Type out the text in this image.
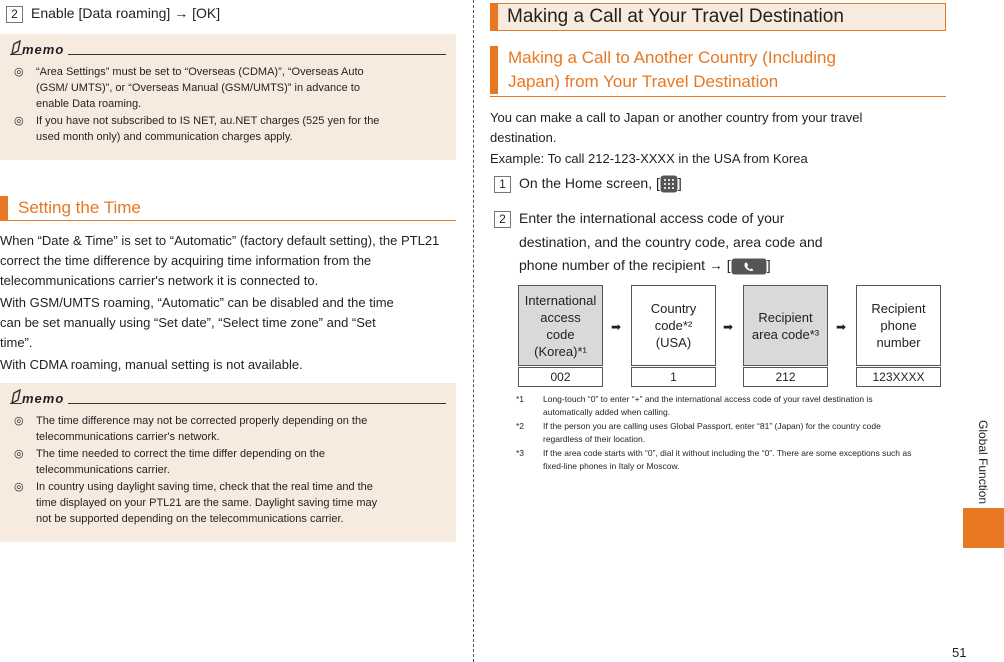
2 Enable [Data roaming] → [OK]
memo
◎ “Area Settings” must be set to “Overseas (CDMA)”, “Overseas Auto (GSM/ UMTS)”, or “Overseas Manual (GSM/UMTS)” in advance to enable Data roaming.
◎ If you have not subscribed to IS NET, au.NET charges (525 yen for the used month only) and communication charges apply.
Setting the Time
When “Date & Time” is set to “Automatic” (factory default setting), the PTL21 correct the time difference by acquiring time information from the telecommunications carrier's network it is connected to.
With GSM/UMTS roaming, “Automatic” can be disabled and the time can be set manually using “Set date”, “Select time zone” and “Set time”.
With CDMA roaming, manual setting is not available.
memo
◎ The time difference may not be corrected properly depending on the telecommunications carrier's network.
◎ The time needed to correct the time differ depending on the telecommunications carrier.
◎ In country using daylight saving time, check that the real time and the time displayed on your PTL21 are the same. Daylight saving time may not be supported depending on the telecommunications carrier.
Making a Call at Your Travel Destination
Making a Call to Another Country (Including
Japan) from Your Travel Destination
You can make a call to Japan or another country from your travel destination.
Example: To call 212-123-XXXX in the USA from Korea
1 On the Home screen, [ ]
2 Enter the international access code of your
destination, and the country code, area code and
phone number of the recipient → [	]
International
access
code
(Korea)*¹
002
➡
Country
code*²
(USA)
1
➡
Recipient
area code*³
212
➡
Recipient
phone
number
123XXXX
*1 Long-touch “0” to enter “+” and the international access code of your ravel destination is automatically added when calling.
*2 If the person you are calling uses Global Passport, enter “81” (Japan) for the country code regardless of their location.
*3 If the area code starts with “0”, dial it without including the “0”. There are some exceptions such as fixed-line phones in Italy or Moscow.	Global Function
51
